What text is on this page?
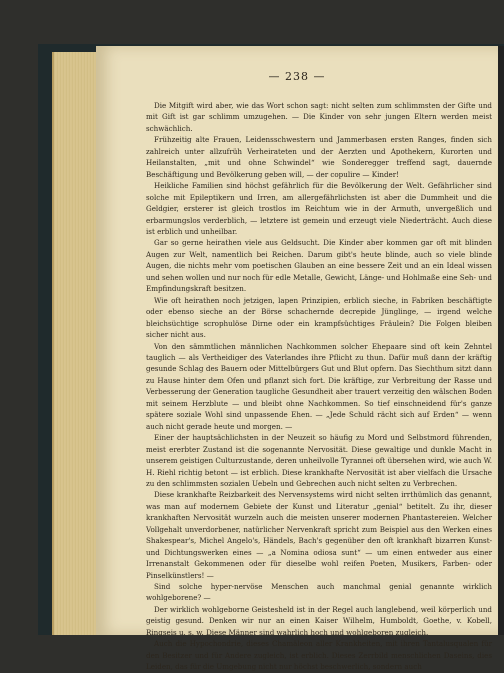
— 238 —

Die Mitgift wird aber, wie das Wort schon sagt: nicht selten zum schlimmsten der Gifte und mit Gift ist gar schlimm umzugehen. — Die Kinder von sehr jungen Eltern werden meist schwächlich.

Frühzeitig alte Frauen, Leidensschwestern und Jammerbasen ersten Ranges, finden sich zahlreich unter allzufrüh Verheirateten und der Aerzten und Apothekern, Kurorten und Heilanstalten, „mit und ohne Schwindel“ wie Sonderegger treffend sagt, dauernde Beschäftigung und Bevölkerung geben will, — der copulire — Kinder!

Heikliche Familien sind höchst gefährlich für die Bevölkerung der Welt. Gefährlicher sind solche mit Epileptikern und Irren, am allergefährlichsten ist aber die Dummheit und die Geldgier, ersterer ist gleich trostlos im Reichtum wie in der Armuth, unvergeßlich und erbarmungslos verderblich, — letztere ist gemein und erzeugt viele Niederträcht. Auch diese ist erblich und unheilbar.

Gar so gerne heirathen viele aus Geldsucht. Die Kinder aber kommen gar oft mit blinden Augen zur Welt, namentlich bei Reichen. Darum gibt's heute blinde, auch so viele blinde Augen, die nichts mehr vom poetischen Glauben an eine bessere Zeit und an ein Ideal wissen und sehen wollen und nur noch für edle Metalle, Gewicht, Länge- und Hohlmaße eine Seh- und Empfindungskraft besitzen.

Wie oft heirathen noch jetzigen, lapen Prinzipien, erblich sieche, in Fabriken beschäftigte oder ebenso sieche an der Börse schachernde decrepide Jünglinge, — irgend welche bleichsüchtige scrophulöse Dirne oder ein krampfsüchtiges Fräulein? Die Folgen bleiben sicher nicht aus.

Von den sämmtlichen männlichen Nachkommen solcher Ehepaare sind oft kein Zehntel tauglich — als Vertheidiger des Vaterlandes ihre Pflicht zu thun. Dafür muß dann der kräftig gesunde Schlag des Bauern oder Mittelbürgers Gut und Blut opfern. Das Siechthum sitzt dann zu Hause hinter dem Ofen und pflanzt sich fort. Die kräftige, zur Verbreitung der Rasse und Verbesserung der Generation taugliche Gesundheit aber trauert verzeitig den wälschen Boden mit seinem Herzblute — und bleibt ohne Nachkommen. So tief einschneidend für's ganze spätere soziale Wohl sind unpassende Ehen. — „Jede Schuld rächt sich auf Erden“ — wenn auch nicht gerade heute und morgen. —

Einer der hauptsächlichsten in der Neuzeit so häufig zu Mord und Selbstmord führenden, meist ererbter Zustand ist die sogenannte Nervosität. Diese gewaltige und dunkle Macht in unserem geistigen Culturzustande, deren unheilvolle Tyrannei oft übersehen wird, wie auch W. H. Riehl richtig betont — ist erblich. Diese krankhafte Nervosität ist aber vielfach die Ursache zu den schlimmsten sozialen Uebeln und Gebrechen auch nicht selten zu Verbrechen.

Diese krankhafte Reizbarkeit des Nervensystems wird nicht selten irrthümlich das genannt, was man auf modernem Gebiete der Kunst und Literatur „genial“ betitelt. Zu ihr, dieser krankhaften Nervosität wurzeln auch die meisten unserer modernen Phantastereien. Welcher Vollgehalt unverdorbener, natürlicher Nervenkraft spricht zum Beispiel aus den Werken eines Shakespear's, Michel Angelo's, Händels, Bach's gegenüber den oft krankhaft bizarren Kunst- und Dichtungswerken eines — „a Nomina odiosa sunt“ — um einen entweder aus einer Irrenanstalt Gekommenen oder für dieselbe wohl reifen Poeten, Musikers, Farben- oder Pinselkünstlers! —

Sind solche hyper-nervöse Menschen auch manchmal genial genannte wirklich wohlgeborene? —

Der wirklich wohlgeborne Geistesheld ist in der Regel auch langlebend, weil körperlich und geistig gesund. Denken wir nur an einen Kaiser Wilhelm, Humboldt, Goethe, v. Kobell, Ringseis u. s. w. Diese Männer sind wahrlich hoch und wohlgeboren zugleich.

Auch die Hypochondrie, dieses Chamäleon aller Krankheiten, mit ihren Tantalusqualen für den Besitzer und für Andere zugleich, ist erblich. Dieses Zerrbild menschlichen Daseins, dies Leiden, das für die Umgebung nicht nur höchst beschwerlich, sondern auch
